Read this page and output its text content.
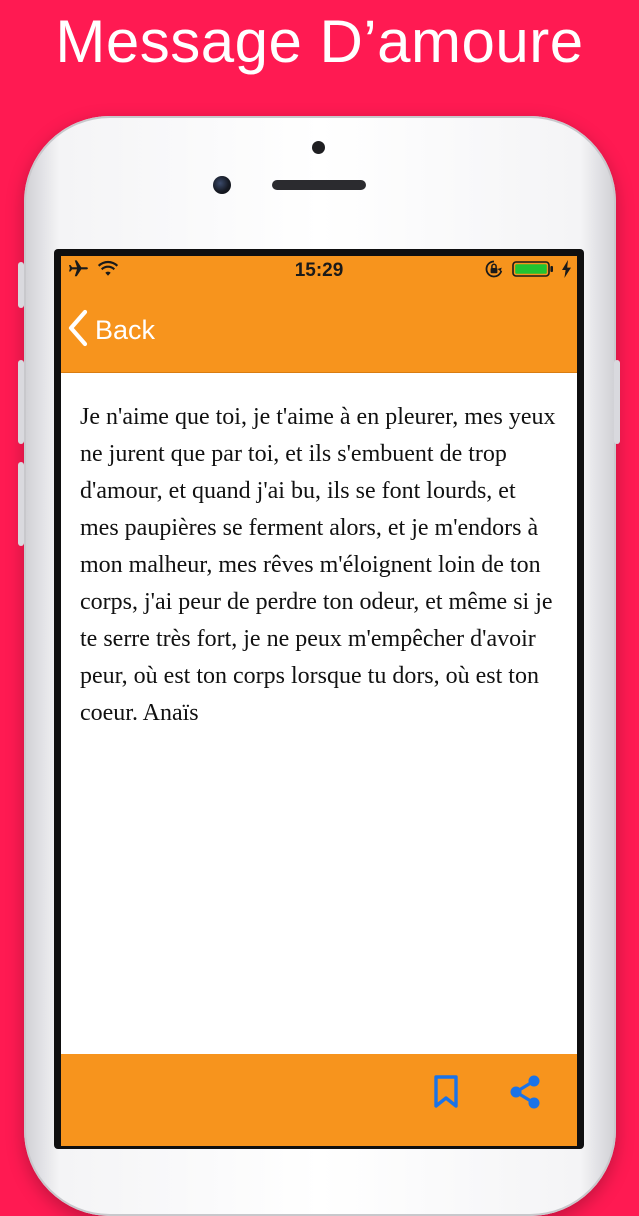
Message D’amoure
15:29
Back

Je n'aime que toi, je t'aime à en pleurer, mes yeux ne jurent que par toi, et ils s'embuent de trop d'amour, et quand j'ai bu, ils se font lourds, et mes paupières se ferment alors, et je m'endors à mon malheur, mes rêves m'éloignent loin de ton corps, j'ai peur de perdre ton odeur, et même si je te serre très fort, je ne peux m'empêcher d'avoir peur, où est ton corps lorsque tu dors, où est ton coeur. Anaïs
